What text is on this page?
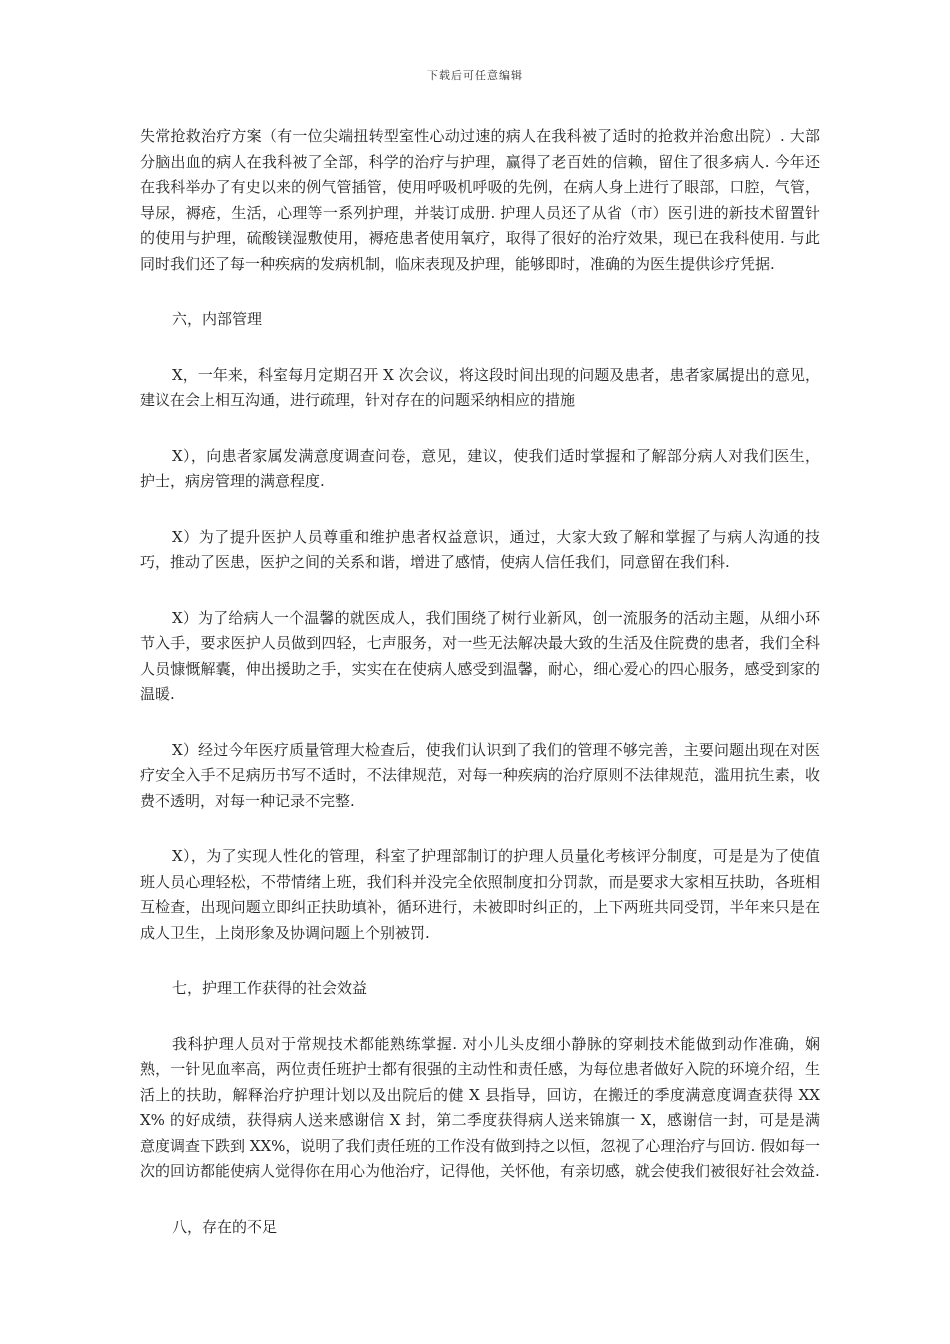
下载后可任意编辑

失常抢救治疗方案（有一位尖端扭转型室性心动过速的病人在我科被了适时的抢救并治愈出院）. 大部分脑出血的病人在我科被了全部，科学的治疗与护理，赢得了老百姓的信赖，留住了很多病人. 今年还在我科举办了有史以来的例气管插管，使用呼吸机呼吸的先例，在病人身上进行了眼部，口腔，气管，导尿，褥疮，生活，心理等一系列护理，并装订成册. 护理人员还了从省（市）医引进的新技术留置针的使用与护理，硫酸镁湿敷使用，褥疮患者使用氧疗，取得了很好的治疗效果，现已在我科使用. 与此同时我们还了每一种疾病的发病机制，临床表现及护理，能够即时，准确的为医生提供诊疗凭据.

六，内部管理

X，一年来，科室每月定期召开 X 次会议，将这段时间出现的问题及患者，患者家属提出的意见，建议在会上相互沟通，进行疏理，针对存在的问题采纳相应的措施

X），向患者家属发满意度调查问卷，意见，建议，使我们适时掌握和了解部分病人对我们医生，护士，病房管理的满意程度.

X）为了提升医护人员尊重和维护患者权益意识，通过，大家大致了解和掌握了与病人沟通的技巧，推动了医患，医护之间的关系和谐，增进了感情，使病人信任我们，同意留在我们科.

X）为了给病人一个温馨的就医成人，我们围绕了树行业新风，创一流服务的活动主题，从细小环节入手，要求医护人员做到四轻，七声服务，对一些无法解决最大致的生活及住院费的患者，我们全科人员慷慨解囊，伸出援助之手，实实在在使病人感受到温馨，耐心，细心爱心的四心服务，感受到家的温暖.

X）经过今年医疗质量管理大检查后，使我们认识到了我们的管理不够完善，主要问题出现在对医疗安全入手不足病历书写不适时，不法律规范，对每一种疾病的治疗原则不法律规范，滥用抗生素，收费不透明，对每一种记录不完整.

X），为了实现人性化的管理，科室了护理部制订的护理人员量化考核评分制度，可是是为了使值班人员心理轻松，不带情绪上班，我们科并没完全依照制度扣分罚款，而是要求大家相互扶助，各班相互检查，出现问题立即纠正扶助填补，循环进行，未被即时纠正的，上下两班共同受罚，半年来只是在成人卫生，上岗形象及协调问题上个别被罚.

七，护理工作获得的社会效益

我科护理人员对于常规技术都能熟练掌握. 对小儿头皮细小静脉的穿刺技术能做到动作准确，娴熟，一针见血率高，两位责任班护士都有很强的主动性和责任感，为每位患者做好入院的环境介绍，生活上的扶助，解释治疗护理计划以及出院后的健 X 县指导，回访，在搬迁的季度满意度调查获得 XXX% 的好成绩，获得病人送来感谢信 X 封，第二季度获得病人送来锦旗一 X，感谢信一封，可是是满意度调查下跌到 XX%，说明了我们责任班的工作没有做到持之以恒，忽视了心理治疗与回访. 假如每一次的回访都能使病人觉得你在用心为他治疗，记得他，关怀他，有亲切感，就会使我们被很好社会效益.

八，存在的不足
